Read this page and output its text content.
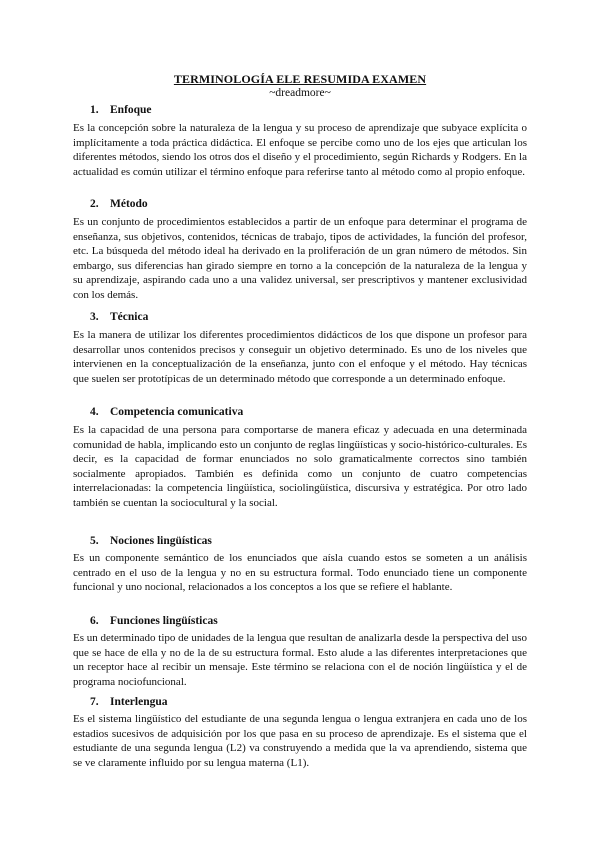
TERMINOLOGÍA ELE RESUMIDA EXAMEN
~dreadmore~
1. Enfoque
Es la concepción sobre la naturaleza de la lengua y su proceso de aprendizaje que subyace explícita o implícitamente a toda práctica didáctica. El enfoque se percibe como uno de los ejes que articulan los diferentes métodos, siendo los otros dos el diseño y el procedimiento, según Richards y Rodgers. En la actualidad es común utilizar el término enfoque para referirse tanto al método como al propio enfoque.
2. Método
Es un conjunto de procedimientos establecidos a partir de un enfoque para determinar el programa de enseñanza, sus objetivos, contenidos, técnicas de trabajo, tipos de actividades, la función del profesor, etc. La búsqueda del método ideal ha derivado en la proliferación de un gran número de métodos. Sin embargo, sus diferencias han girado siempre en torno a la concepción de la naturaleza de la lengua y su aprendizaje, aspirando cada uno a una validez universal, ser prescriptivos y mantener exclusividad con los demás.
3. Técnica
Es la manera de utilizar los diferentes procedimientos didácticos de los que dispone un profesor para desarrollar unos contenidos precisos y conseguir un objetivo determinado. Es uno de los niveles que intervienen en la conceptualización de la enseñanza, junto con el enfoque y el método. Hay técnicas que suelen ser prototípicas de un determinado método que corresponde a un determinado enfoque.
4. Competencia comunicativa
Es la capacidad de una persona para comportarse de manera eficaz y adecuada en una determinada comunidad de habla, implicando esto un conjunto de reglas lingüísticas y socio-histórico-culturales. Es decir, es la capacidad de formar enunciados no solo gramaticalmente correctos sino también socialmente apropiados. También es definida como un conjunto de cuatro competencias interrelacionadas: la competencia lingüística, sociolingüística, discursiva y estratégica. Por otro lado también se cuentan la sociocultural y la social.
5. Nociones lingüísticas
Es un componente semántico de los enunciados que aísla cuando estos se someten a un análisis centrado en el uso de la lengua y no en su estructura formal. Todo enunciado tiene un componente funcional y uno nocional, relacionados a los conceptos a los que se refiere el hablante.
6. Funciones lingüísticas
Es un determinado tipo de unidades de la lengua que resultan de analizarla desde la perspectiva del uso que se hace de ella y no de la de su estructura formal. Esto alude a las diferentes interpretaciones que un receptor hace al recibir un mensaje. Este término se relaciona con el de noción lingüística y el de programa nociofuncional.
7. Interlengua
Es el sistema lingüístico del estudiante de una segunda lengua o lengua extranjera en cada uno de los estadios sucesivos de adquisición por los que pasa en su proceso de aprendizaje. Es el sistema que el estudiante de una segunda lengua (L2) va construyendo a medida que la va aprendiendo, sistema que se ve claramente influido por su lengua materna (L1).
